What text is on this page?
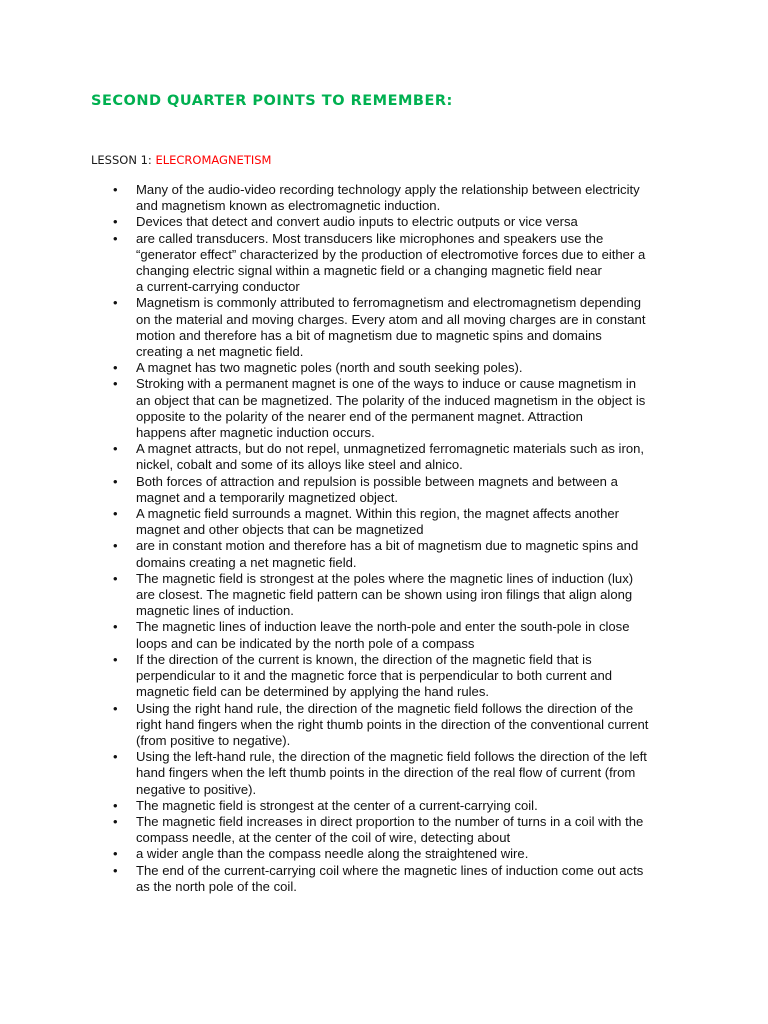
SECOND QUARTER POINTS TO REMEMBER:

LESSON 1: ELECROMAGNETISM

• Many of the audio-video recording technology apply the relationship between electricity
and magnetism known as electromagnetic induction.
• Devices that detect and convert audio inputs to electric outputs or vice versa
• are called transducers. Most transducers like microphones and speakers use the
“generator effect” characterized by the production of electromotive forces due to either a
changing electric signal within a magnetic field or a changing magnetic field near
a current-carrying conductor
• Magnetism is commonly attributed to ferromagnetism and electromagnetism depending
on the material and moving charges. Every atom and all moving charges are in constant
motion and therefore has a bit of magnetism due to magnetic spins and domains
creating a net magnetic field.
• A magnet has two magnetic poles (north and south seeking poles).
• Stroking with a permanent magnet is one of the ways to induce or cause magnetism in
an object that can be magnetized. The polarity of the induced magnetism in the object is
opposite to the polarity of the nearer end of the permanent magnet. Attraction
happens after magnetic induction occurs.
• A magnet attracts, but do not repel, unmagnetized ferromagnetic materials such as iron,
nickel, cobalt and some of its alloys like steel and alnico.
• Both forces of attraction and repulsion is possible between magnets and between a
magnet and a temporarily magnetized object.
• A magnetic field surrounds a magnet. Within this region, the magnet affects another
magnet and other objects that can be magnetized
• are in constant motion and therefore has a bit of magnetism due to magnetic spins and
domains creating a net magnetic field.
• The magnetic field is strongest at the poles where the magnetic lines of induction (lux)
are closest. The magnetic field pattern can be shown using iron filings that align along
magnetic lines of induction.
• The magnetic lines of induction leave the north-pole and enter the south-pole in close
loops and can be indicated by the north pole of a compass
• If the direction of the current is known, the direction of the magnetic field that is
perpendicular to it and the magnetic force that is perpendicular to both current and
magnetic field can be determined by applying the hand rules.
• Using the right hand rule, the direction of the magnetic field follows the direction of the
right hand fingers when the right thumb points in the direction of the conventional current
(from positive to negative).
• Using the left-hand rule, the direction of the magnetic field follows the direction of the left
hand fingers when the left thumb points in the direction of the real flow of current (from
negative to positive).
• The magnetic field is strongest at the center of a current-carrying coil.
• The magnetic field increases in direct proportion to the number of turns in a coil with the
compass needle, at the center of the coil of wire, detecting about
• a wider angle than the compass needle along the straightened wire.
• The end of the current-carrying coil where the magnetic lines of induction come out acts
as the north pole of the coil.
